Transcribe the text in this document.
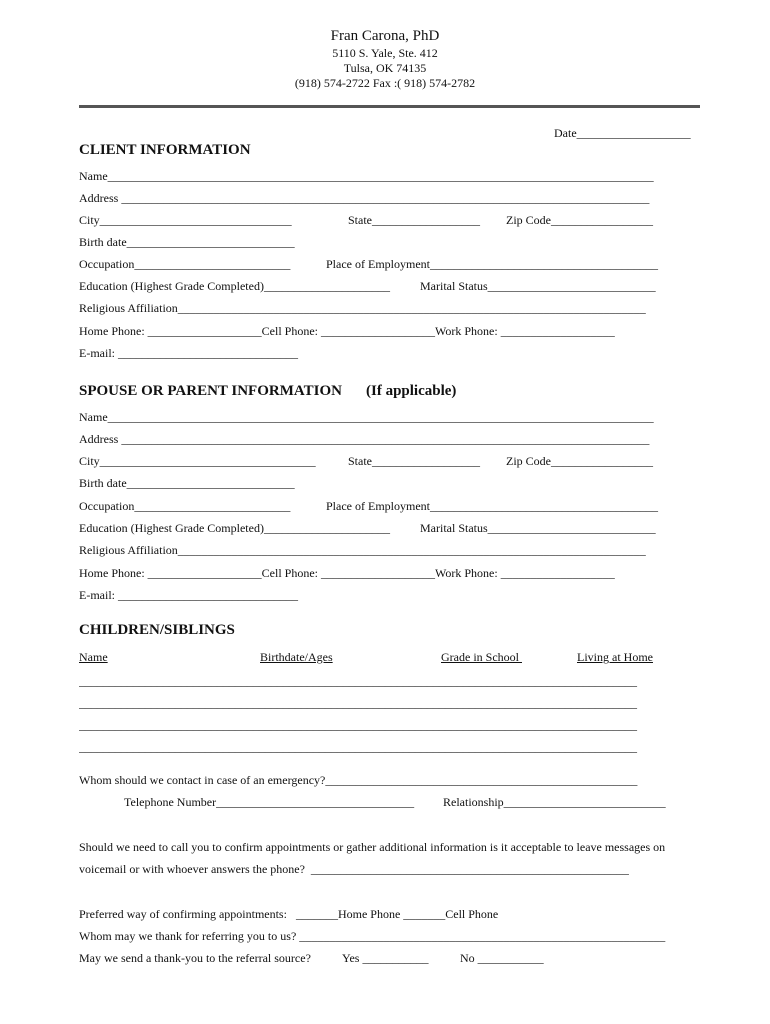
Fran Carona, PhD
5110 S. Yale, Ste. 412
Tulsa, OK 74135
(918) 574-2722 Fax :( 918) 574-2782
Date___________________
CLIENT INFORMATION
Name___________________________________________________________________________________________
Address ________________________________________________________________________________________
City________________________________	State__________________	Zip Code_________________
Birth date____________________________
Occupation__________________________	Place of Employment______________________________________
Education (Highest Grade Completed)_____________________	Marital Status____________________________
Religious Affiliation______________________________________________________________________________
Home Phone: ___________________Cell Phone: ___________________Work Phone: ___________________
E-mail: ______________________________
SPOUSE OR PARENT INFORMATION (If applicable)
Name___________________________________________________________________________________________
Address ________________________________________________________________________________________
City____________________________________	State__________________	Zip Code_________________
Birth date____________________________
Occupation__________________________	Place of Employment______________________________________
Education (Highest Grade Completed)_____________________	Marital Status____________________________
Religious Affiliation______________________________________________________________________________
Home Phone: ___________________Cell Phone: ___________________Work Phone: ___________________
E-mail: ______________________________
CHILDREN/SIBLINGS
Name	Birthdate/Ages	Grade in School	Living at Home
_____________________________________________________________________________________________
_____________________________________________________________________________________________
_____________________________________________________________________________________________
_____________________________________________________________________________________________
Whom should we contact in case of an emergency?____________________________________________________
Telephone Number_________________________________	Relationship___________________________
Should we need to call you to confirm appointments or gather additional information is it acceptable to leave messages on
voicemail or with whoever answers the phone?  _____________________________________________________
Preferred way of confirming appointments:   _______Home Phone _______Cell Phone
Whom may we thank for referring you to us? _____________________________________________________________
May we send a thank-you to the referral source?	Yes ___________	No ___________
